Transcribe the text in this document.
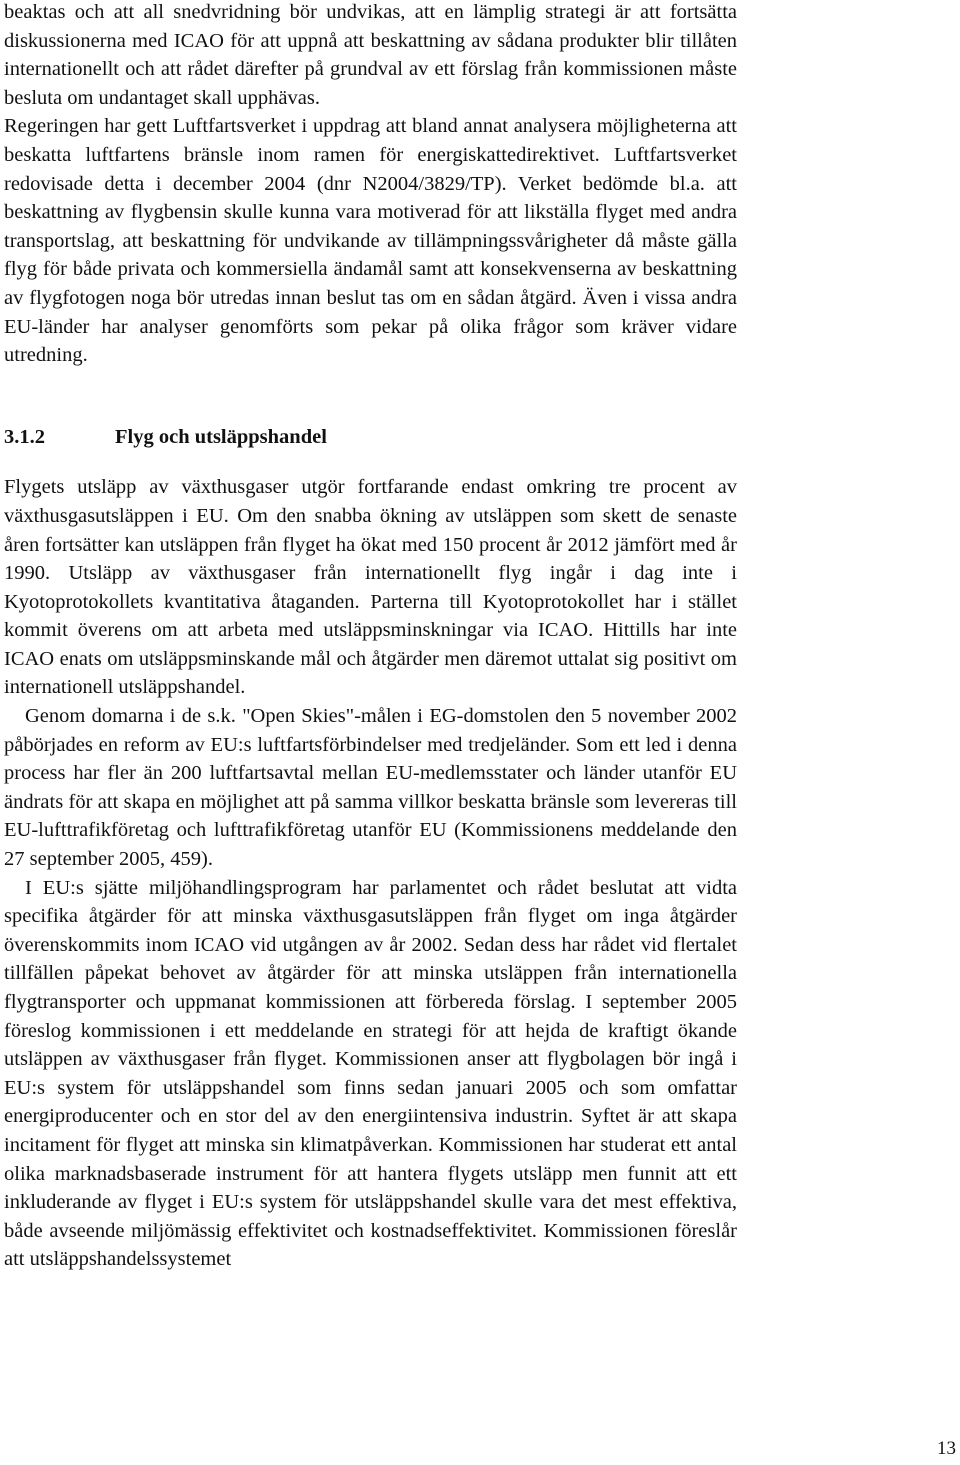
beaktas och att all snedvridning bör undvikas, att en lämplig strategi är att fortsätta diskussionerna med ICAO för att uppnå att beskattning av sådana produkter blir tillåten internationellt och att rådet därefter på grundval av ett förslag från kommissionen måste besluta om undantaget skall upphävas.

Regeringen har gett Luftfartsverket i uppdrag att bland annat analysera möjligheterna att beskatta luftfartens bränsle inom ramen för energiskattedirektivet. Luftfartsverket redovisade detta i december 2004 (dnr N2004/3829/TP). Verket bedömde bl.a. att beskattning av flygbensin skulle kunna vara motiverad för att likställa flyget med andra transportslag, att beskattning för undvikande av tillämpningssvårigheter då måste gälla flyg för både privata och kommersiella ändamål samt att konsekvenserna av beskattning av flygfotogen noga bör utredas innan beslut tas om en sådan åtgärd. Även i vissa andra EU-länder har analyser genomförts som pekar på olika frågor som kräver vidare utredning.

3.1.2	Flyg och utsläppshandel

Flygets utsläpp av växthusgaser utgör fortfarande endast omkring tre procent av växthusgasutsläppen i EU. Om den snabba ökning av utsläppen som skett de senaste åren fortsätter kan utsläppen från flyget ha ökat med 150 procent år 2012 jämfört med år 1990. Utsläpp av växthusgaser från internationellt flyg ingår i dag inte i Kyotoprotokollets kvantitativa åtaganden. Parterna till Kyotoprotokollet har i stället kommit överens om att arbeta med utsläppsminskningar via ICAO. Hittills har inte ICAO enats om utsläppsminskande mål och åtgärder men däremot uttalat sig positivt om internationell utsläppshandel.

Genom domarna i de s.k. "Open Skies"-målen i EG-domstolen den 5 november 2002 påbörjades en reform av EU:s luftfartsförbindelser med tredjeländer. Som ett led i denna process har fler än 200 luftfartsavtal mellan EU-medlemsstater och länder utanför EU ändrats för att skapa en möjlighet att på samma villkor beskatta bränsle som levereras till EU-lufttrafikföretag och lufttrafikföretag utanför EU (Kommissionens meddelande den 27 september 2005, 459).

I EU:s sjätte miljöhandlingsprogram har parlamentet och rådet beslutat att vidta specifika åtgärder för att minska växthusgasutsläppen från flyget om inga åtgärder överenskommits inom ICAO vid utgången av år 2002. Sedan dess har rådet vid flertalet tillfällen påpekat behovet av åtgärder för att minska utsläppen från internationella flygtransporter och uppmanat kommissionen att förbereda förslag. I september 2005 föreslog kommissionen i ett meddelande en strategi för att hejda de kraftigt ökande utsläppen av växthusgaser från flyget. Kommissionen anser att flygbolagen bör ingå i EU:s system för utsläppshandel som finns sedan januari 2005 och som omfattar energiproducenter och en stor del av den energiintensiva industrin. Syftet är att skapa incitament för flyget att minska sin klimatpåverkan. Kommissionen har studerat ett antal olika marknadsbaserade instrument för att hantera flygets utsläpp men funnit att ett inkluderande av flyget i EU:s system för utsläppshandel skulle vara det mest effektiva, både avseende miljömässig effektivitet och kostnadseffektivitet. Kommissionen föreslår att utsläppshandelssystemet

13
